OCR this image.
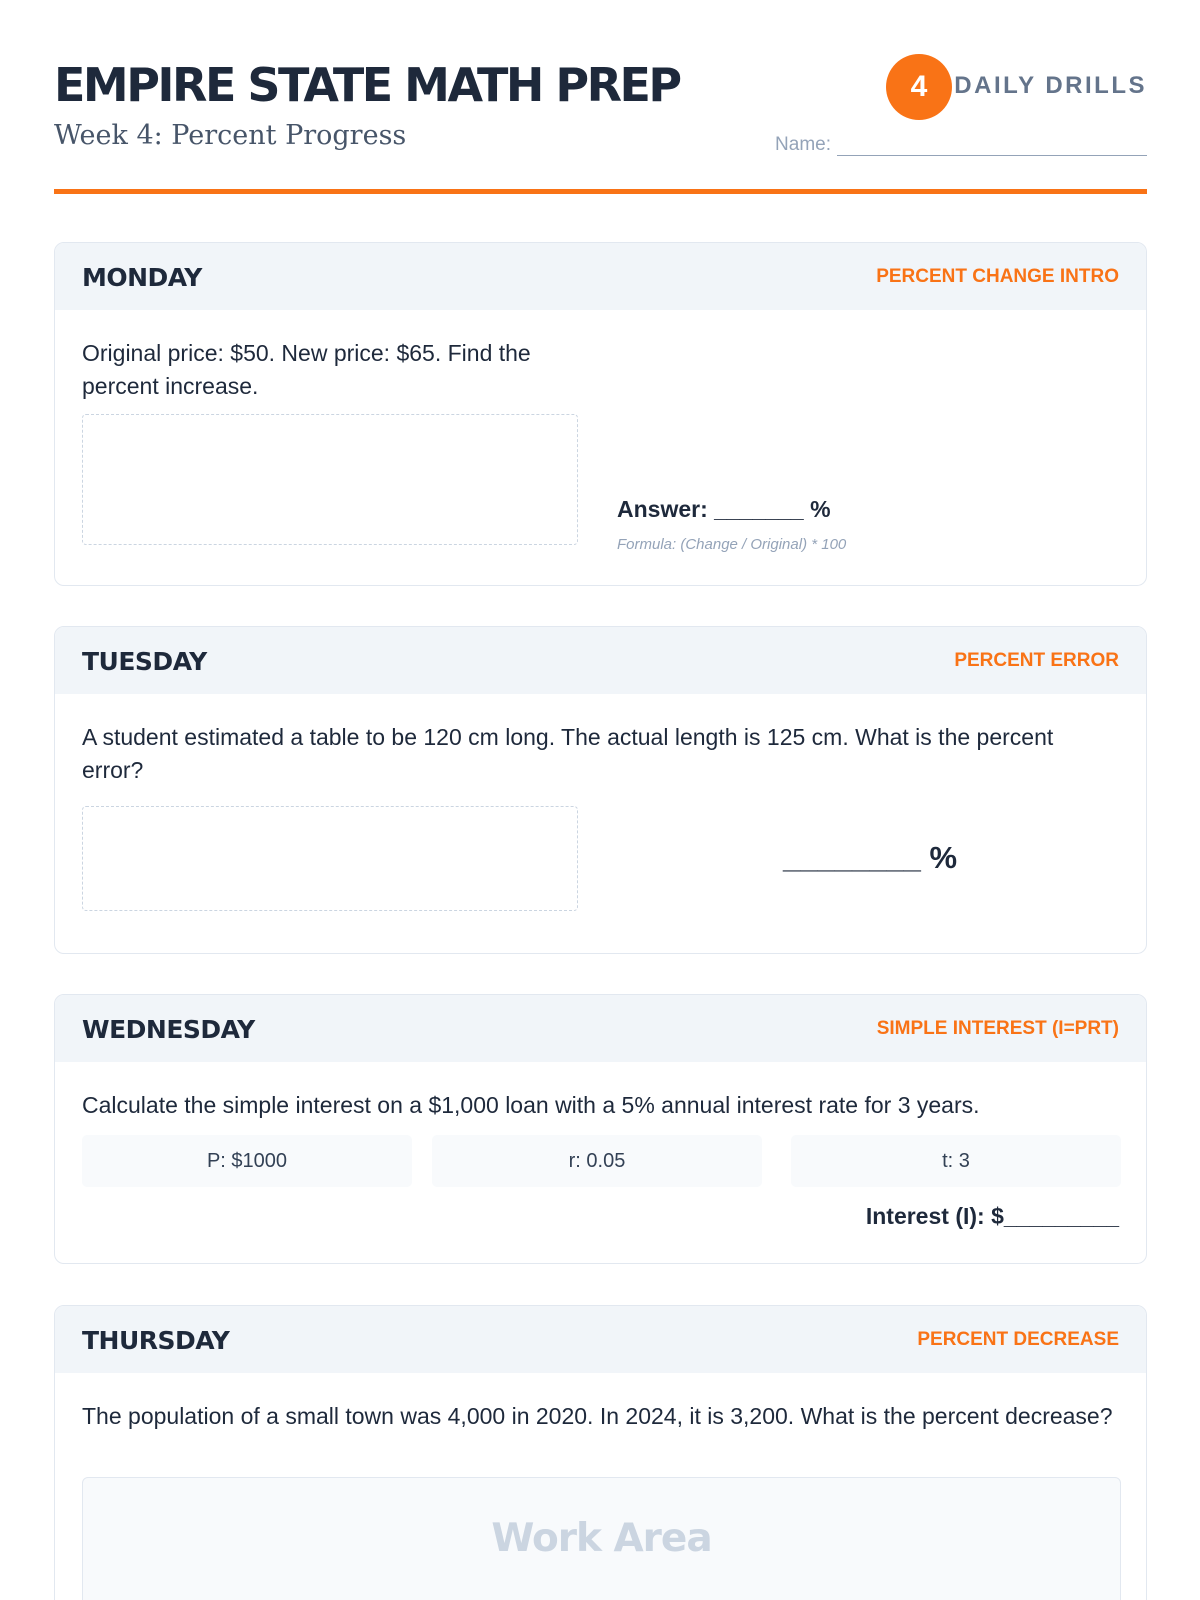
EMPIRE STATE MATH PREP
Week 4: Percent Progress
4	DAILY DRILLS
Name:
MONDAY	PERCENT CHANGE INTRO
Original price: $50. New price: $65. Find the percent increase.
Answer: _______ %
Formula: (Change / Original) * 100
TUESDAY	PERCENT ERROR
A student estimated a table to be 120 cm long. The actual length is 125 cm. What is the percent error?
________ %
WEDNESDAY	SIMPLE INTEREST (I=PRT)
Calculate the simple interest on a $1,000 loan with a 5% annual interest rate for 3 years.
P: $1000	r: 0.05	t: 3
Interest (I): $_________
THURSDAY	PERCENT DECREASE
The population of a small town was 4,000 in 2020. In 2024, it is 3,200. What is the percent decrease?
Work Area
